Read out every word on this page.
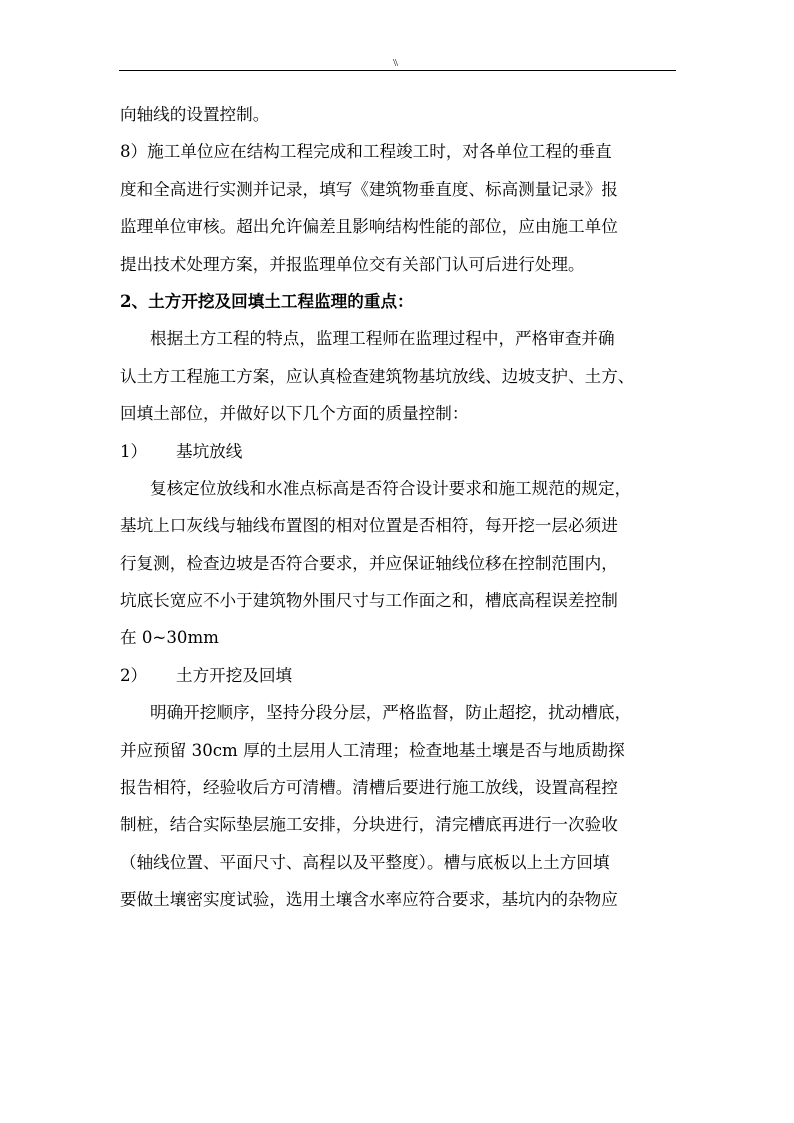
\\
向轴线的设置控制。
8）施工单位应在结构工程完成和工程竣工时，对各单位工程的垂直
度和全高进行实测并记录，填写《建筑物垂直度、标高测量记录》报
监理单位审核。超出允许偏差且影响结构性能的部位，应由施工单位
提出技术处理方案，并报监理单位交有关部门认可后进行处理。
2、土方开挖及回填土工程监理的重点：
根据土方工程的特点，监理工程师在监理过程中，严格审查并确
认土方工程施工方案，应认真检查建筑物基坑放线、边坡支护、土方、
回填土部位，并做好以下几个方面的质量控制：
1） 基坑放线
复核定位放线和水准点标高是否符合设计要求和施工规范的规定，
基坑上口灰线与轴线布置图的相对位置是否相符，每开挖一层必须进
行复测，检查边坡是否符合要求，并应保证轴线位移在控制范围内，
坑底长宽应不小于建筑物外围尺寸与工作面之和，槽底高程误差控制
在 0~30mm
2） 土方开挖及回填
明确开挖顺序，坚持分段分层，严格监督，防止超挖，扰动槽底，
并应预留 30cm 厚的土层用人工清理；检查地基土壤是否与地质勘探
报告相符，经验收后方可清槽。清槽后要进行施工放线，设置高程控
制桩，结合实际垫层施工安排，分块进行，清完槽底再进行一次验收
（轴线位置、平面尺寸、高程以及平整度）。槽与底板以上土方回填
要做土壤密实度试验，选用土壤含水率应符合要求，基坑内的杂物应
